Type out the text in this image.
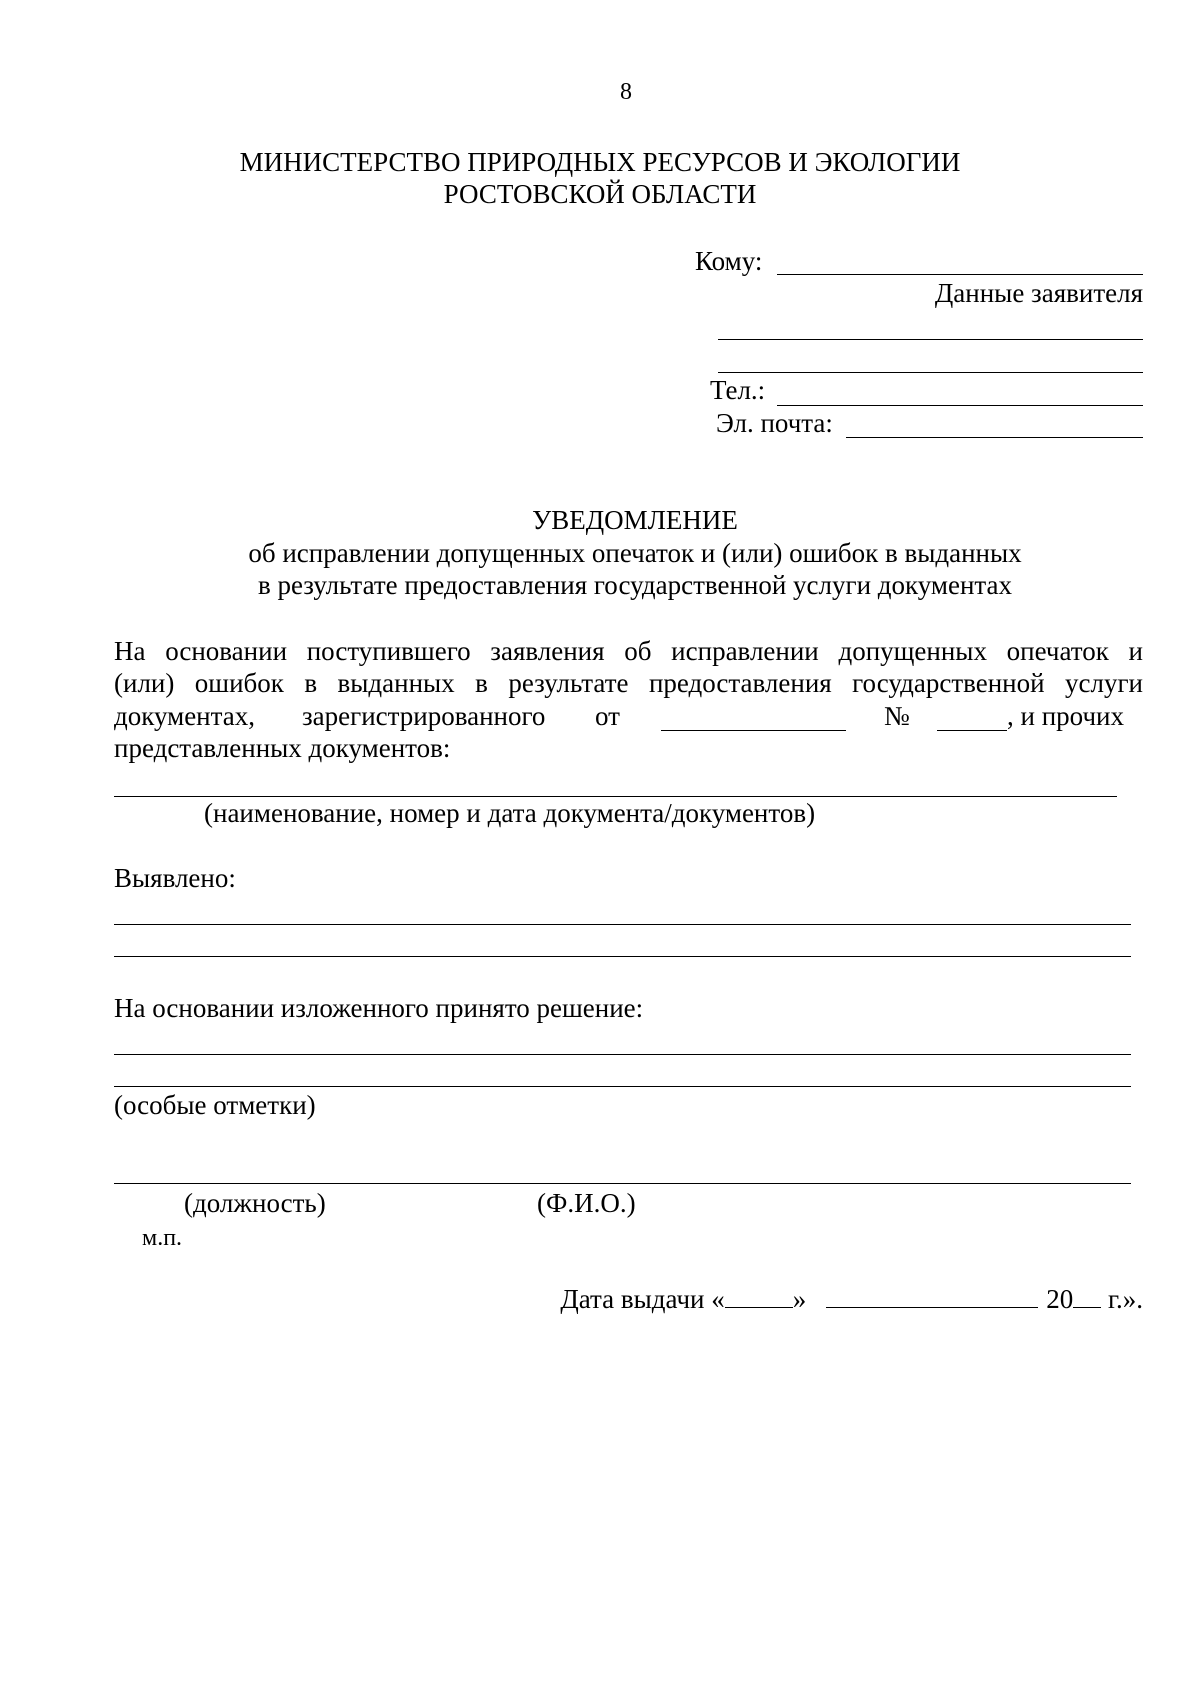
8
МИНИСТЕРСТВО ПРИРОДНЫХ РЕСУРСОВ И ЭКОЛОГИИ
РОСТОВСКОЙ ОБЛАСТИ
Кому:
Данные заявителя
Тел.:
Эл. почта:
УВЕДОМЛЕНИЕ
об исправлении допущенных опечаток и (или) ошибок в выданных
в результате предоставления государственной услуги документах
На основании поступившего заявления об исправлении допущенных опечаток и
(или) ошибок в выданных в результате предоставления государственной услуги
документах, зарегистрированного от	№	, и прочих
представленных документов:
(наименование, номер и дата документа/документов)
Выявлено:
На основании изложенного принято решение:
(особые отметки)
(должность)	(Ф.И.О.)
м.п.
Дата выдачи «	»	20 г.».
